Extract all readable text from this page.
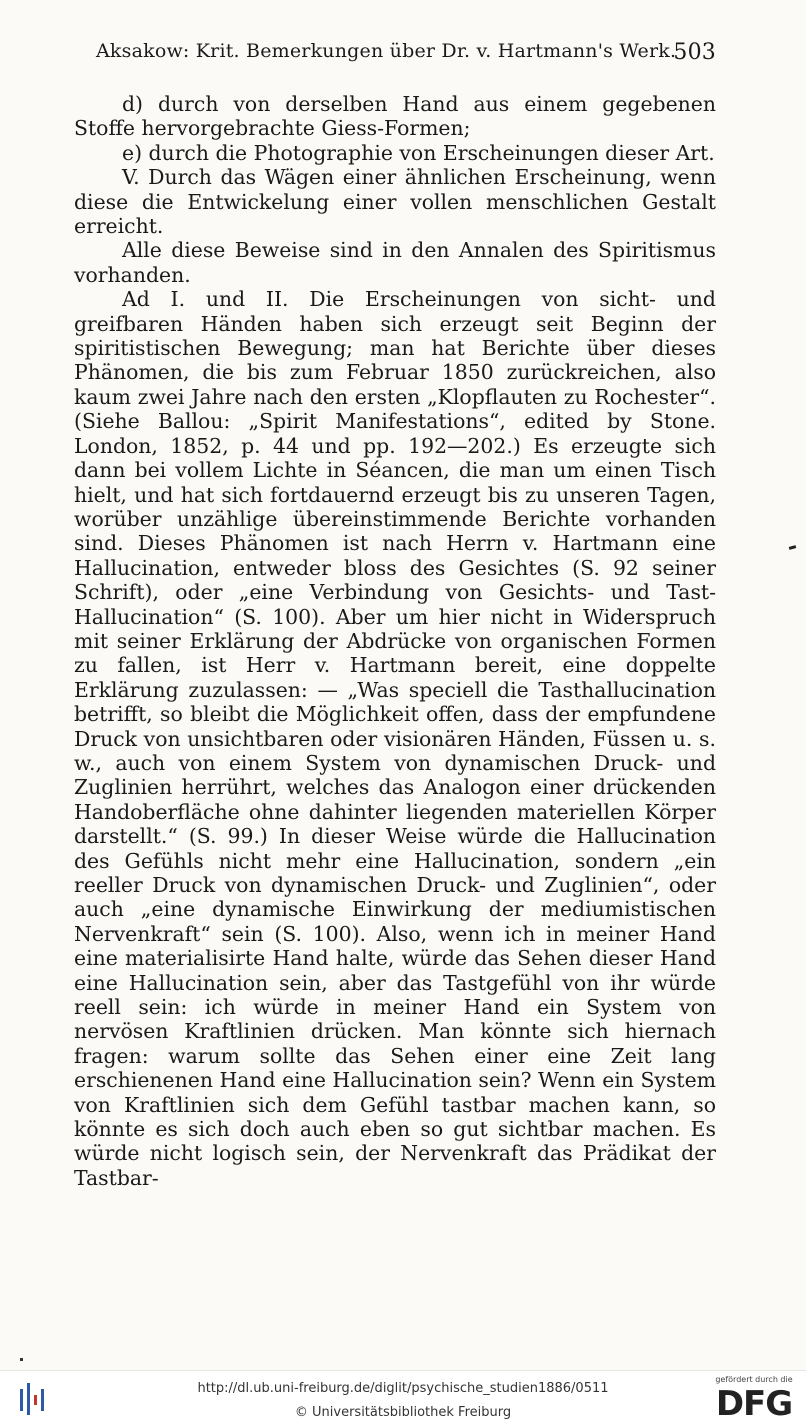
Aksakow: Krit. Bemerkungen über Dr. v. Hartmann's Werk.
503

d) durch von derselben Hand aus einem gegebenen Stoffe hervorgebrachte Giess-Formen;

e) durch die Photographie von Erscheinungen dieser Art.

V. Durch das Wägen einer ähnlichen Erscheinung, wenn diese die Entwickelung einer vollen menschlichen Gestalt erreicht.

Alle diese Beweise sind in den Annalen des Spiritismus vorhanden.

Ad I. und II. Die Erscheinungen von sicht- und greifbaren Händen haben sich erzeugt seit Beginn der spiritistischen Bewegung; man hat Berichte über dieses Phänomen, die bis zum Februar 1850 zurückreichen, also kaum zwei Jahre nach den ersten „Klopflauten zu Rochester“. (Siehe Ballou: „Spirit Manifestations“, edited by Stone. London, 1852, p. 44 und pp. 192—202.) Es erzeugte sich dann bei vollem Lichte in Séancen, die man um einen Tisch hielt, und hat sich fortdauernd erzeugt bis zu unseren Tagen, worüber unzählige übereinstimmende Berichte vorhanden sind. Dieses Phänomen ist nach Herrn v. Hartmann eine Hallucination, entweder bloss des Gesichtes (S. 92 seiner Schrift), oder „eine Verbindung von Gesichts- und Tast-Hallucination“ (S. 100). Aber um hier nicht in Widerspruch mit seiner Erklärung der Abdrücke von organischen Formen zu fallen, ist Herr v. Hartmann bereit, eine doppelte Erklärung zuzulassen: — „Was speciell die Tasthallucination betrifft, so bleibt die Möglichkeit offen, dass der empfundene Druck von unsichtbaren oder visionären Händen, Füssen u. s. w., auch von einem System von dynamischen Druck- und Zuglinien herrührt, welches das Analogon einer drückenden Handoberfläche ohne dahinter liegenden materiellen Körper darstellt.“ (S. 99.) In dieser Weise würde die Hallucination des Gefühls nicht mehr eine Hallucination, sondern „ein reeller Druck von dynamischen Druck- und Zuglinien“, oder auch „eine dynamische Einwirkung der mediumistischen Nervenkraft“ sein (S. 100). Also, wenn ich in meiner Hand eine materialisirte Hand halte, würde das Sehen dieser Hand eine Hallucination sein, aber das Tastgefühl von ihr würde reell sein: ich würde in meiner Hand ein System von nervösen Kraftlinien drücken. Man könnte sich hiernach fragen: warum sollte das Sehen einer eine Zeit lang erschienenen Hand eine Hallucination sein? Wenn ein System von Kraftlinien sich dem Gefühl tastbar machen kann, so könnte es sich doch auch eben so gut sichtbar machen. Es würde nicht logisch sein, der Nervenkraft das Prädikat der Tastbar-

http://dl.ub.uni-freiburg.de/diglit/psychische_studien1886/0511
© Universitätsbibliothek Freiburg
gefördert durch die
DFG
